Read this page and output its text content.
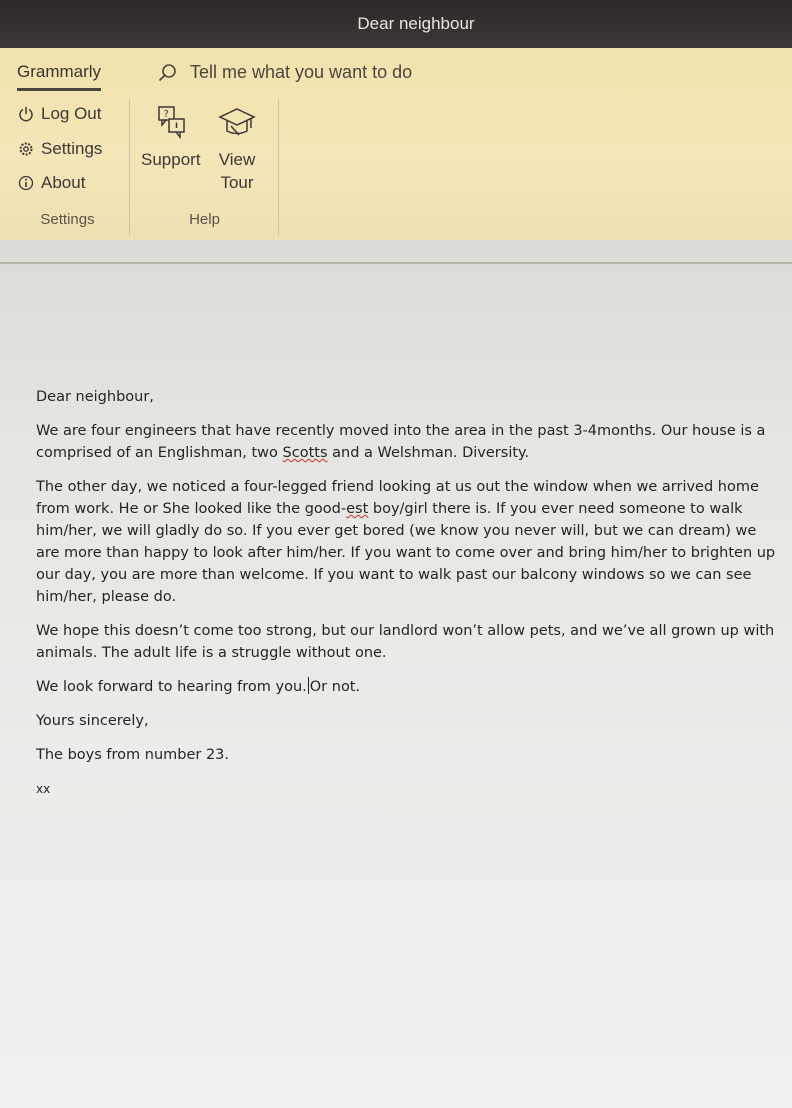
Dear neighbour
Grammarly	Tell me what you want to do
Log Out
Settings
About
Settings
?
Support View
Tour
Help

Dear neighbour,

We are four engineers that have recently moved into the area in the past 3-4months. Our house is a comprised of an Englishman, two Scotts and a Welshman. Diversity.

The other day, we noticed a four-legged friend looking at us out the window when we arrived home from work. He or She looked like the good-est boy/girl there is. If you ever need someone to walk him/her, we will gladly do so. If you ever get bored (we know you never will, but we can dream) we are more than happy to look after him/her. If you want to come over and bring him/her to brighten up our day, you are more than welcome. If you want to walk past our balcony windows so we can see him/her, please do.

We hope this doesn’t come too strong, but our landlord won’t allow pets, and we’ve all grown up with animals. The adult life is a struggle without one.

We look forward to hearing from you. Or not.

Yours sincerely,

The boys from number 23.

xx
